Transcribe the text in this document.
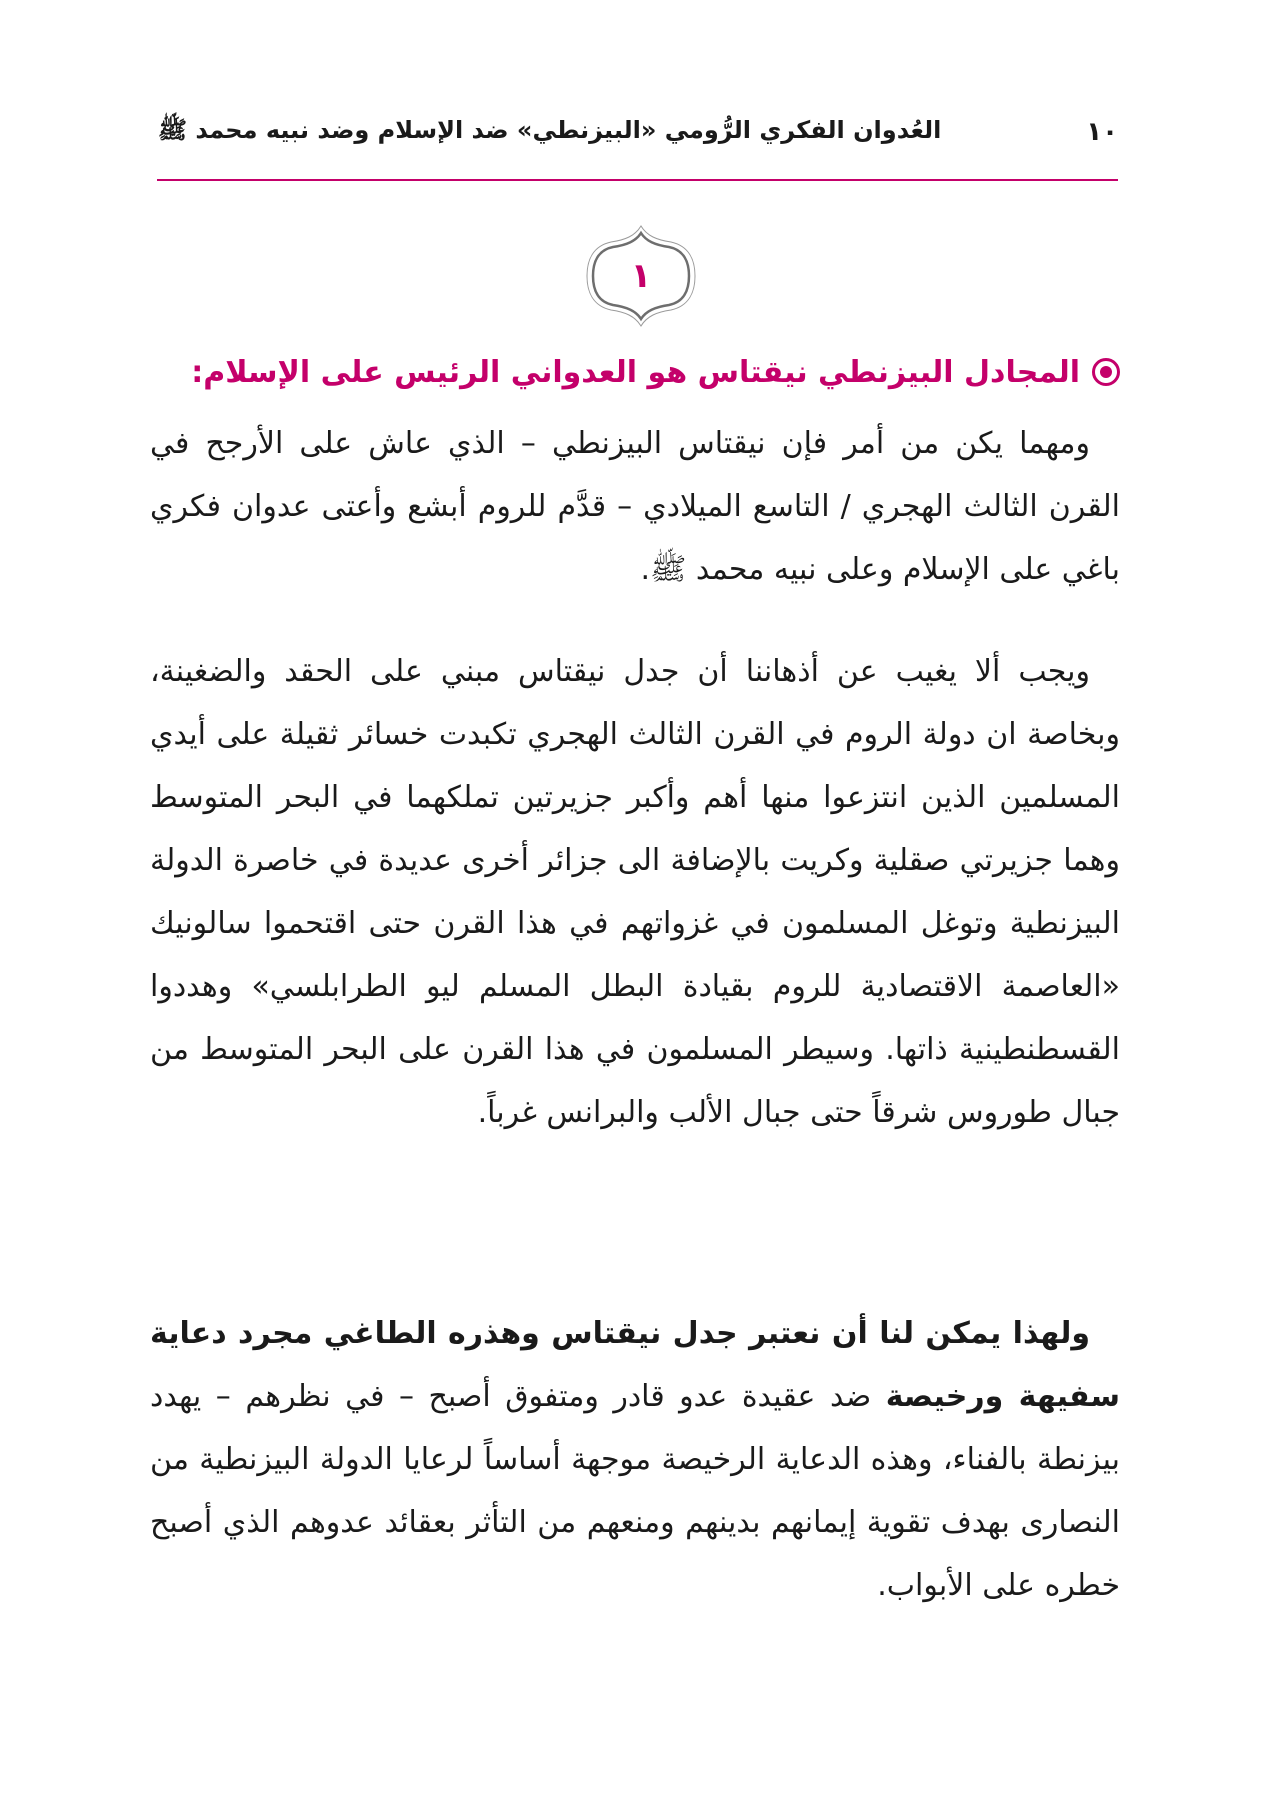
١٠
العُدوان الفكري الرُّومي «البيزنطي» ضد الإسلام وضد نبيه محمد ﷺ
١
المجادل البيزنطي نيقتاس هو العدواني الرئيس على الإسلام:

ومهما يكن من أمر فإن نيقتاس البيزنطي – الذي عاش على الأرجح في القرن الثالث الهجري / التاسع الميلادي – قدَّم للروم أبشع وأعتى عدوان فكري باغي على الإسلام وعلى نبيه محمد ﷺ.

ويجب ألا يغيب عن أذهاننا أن جدل نيقتاس مبني على الحقد والضغينة، وبخاصة ان دولة الروم في القرن الثالث الهجري تكبدت خسائر ثقيلة على أيدي المسلمين الذين انتزعوا منها أهم وأكبر جزيرتين تملكهما في البحر المتوسط وهما جزيرتي صقلية وكريت بالإضافة الى جزائر أخرى عديدة في خاصرة الدولة البيزنطية وتوغل المسلمون في غزواتهم في هذا القرن حتى اقتحموا سالونيك «العاصمة الاقتصادية للروم بقيادة البطل المسلم ليو الطرابلسي» وهددوا القسطنطينية ذاتها. وسيطر المسلمون في هذا القرن على البحر المتوسط من جبال طوروس شرقاً حتى جبال الألب والبرانس غرباً.

ولهذا يمكن لنا أن نعتبر جدل نيقتاس وهذره الطاغي مجرد دعاية سفيهة ورخيصة ضد عقيدة عدو قادر ومتفوق أصبح – في نظرهم – يهدد بيزنطة بالفناء، وهذه الدعاية الرخيصة موجهة أساساً لرعايا الدولة البيزنطية من النصارى بهدف تقوية إيمانهم بدينهم ومنعهم من التأثر بعقائد عدوهم الذي أصبح خطره على الأبواب.
